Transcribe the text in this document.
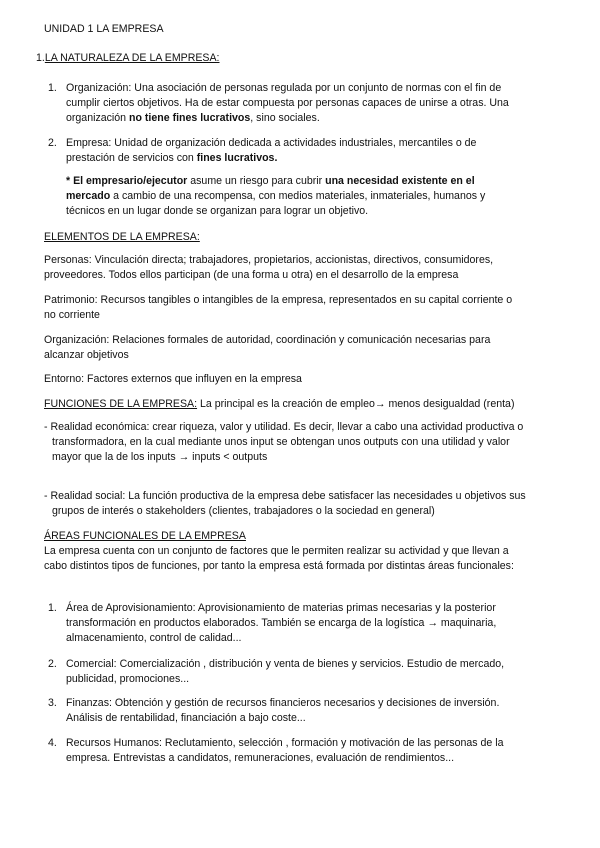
UNIDAD 1 LA EMPRESA
1.LA NATURALEZA DE LA EMPRESA:
1. Organización: Una asociación de personas regulada por un conjunto de normas con el fin de cumplir ciertos objetivos. Ha de estar compuesta por personas capaces de unirse a otras. Una organización no tiene fines lucrativos, sino sociales.

2. Empresa: Unidad de organización dedicada a actividades industriales, mercantiles o de prestación de servicios con fines lucrativos.

* El empresario/ejecutor asume un riesgo para cubrir una necesidad existente en el mercado a cambio de una recompensa, con medios materiales, inmateriales, humanos y técnicos en un lugar donde se organizan para lograr un objetivo.

ELEMENTOS DE LA EMPRESA:

Personas: Vinculación directa; trabajadores, propietarios, accionistas, directivos, consumidores, proveedores. Todos ellos participan (de una forma u otra) en el desarrollo de la empresa

Patrimonio: Recursos tangibles o intangibles de la empresa, representados en su capital corriente o no corriente

Organización: Relaciones formales de autoridad, coordinación y comunicación necesarias para alcanzar objetivos

Entorno: Factores externos que influyen en la empresa

FUNCIONES DE LA EMPRESA: La principal es la creación de empleo→ menos desigualdad (renta)

- Realidad económica: crear riqueza, valor y utilidad. Es decir, llevar a cabo una actividad productiva o transformadora, en la cual mediante unos input se obtengan unos outputs con una utilidad y valor mayor que la de los inputs → inputs < outputs

- Realidad social: La función productiva de la empresa debe satisfacer las necesidades u objetivos sus grupos de interés o stakeholders (clientes, trabajadores o la sociedad en general)

ÁREAS FUNCIONALES DE LA EMPRESA

La empresa cuenta con un conjunto de factores que le permiten realizar su actividad y que llevan a cabo distintos tipos de funciones, por tanto la empresa está formada por distintas áreas funcionales:

1. Área de Aprovisionamiento: Aprovisionamiento de materias primas necesarias y la posterior transformación en productos elaborados. También se encarga de la logística → maquinaria, almacenamiento, control de calidad...

2. Comercial: Comercialización , distribución y venta de bienes y servicios. Estudio de mercado, publicidad, promociones...

3. Finanzas: Obtención y gestión de recursos financieros necesarios y decisiones de inversión. Análisis de rentabilidad, financiación a bajo coste...

4. Recursos Humanos: Reclutamiento, selección , formación y motivación de las personas de la empresa. Entrevistas a candidatos, remuneraciones, evaluación de rendimientos...
